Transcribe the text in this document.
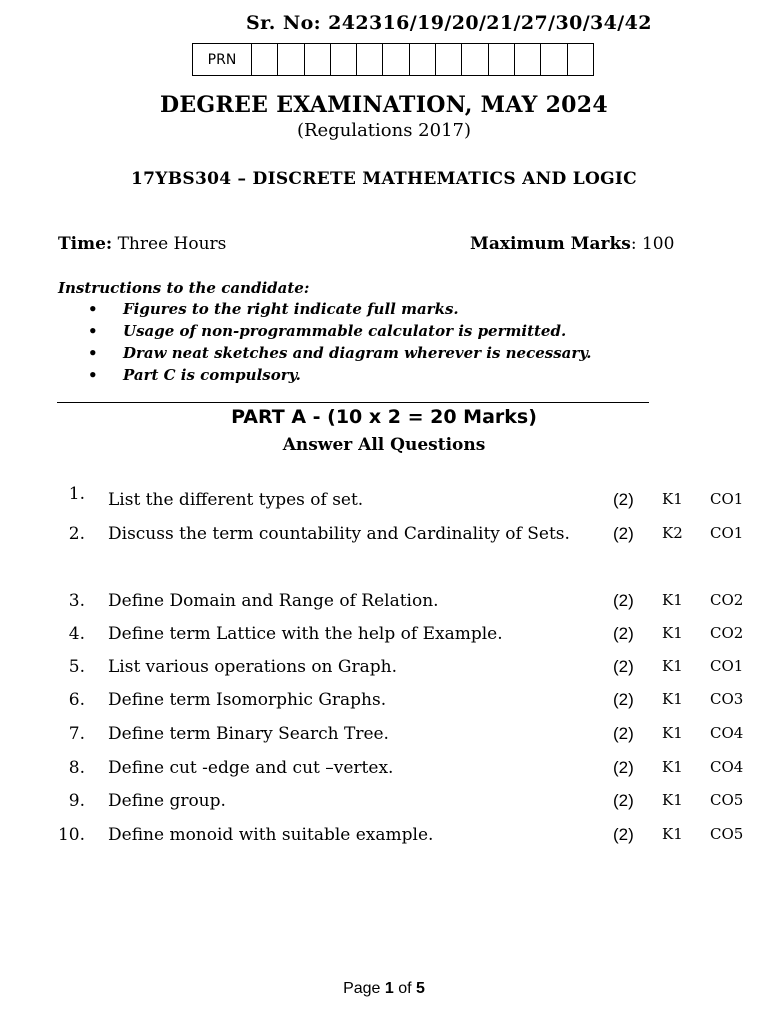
Sr. No: 242316/19/20/21/27/30/34/42
PRN
DEGREE EXAMINATION, MAY 2024
(Regulations 2017)
17YBS304 – DISCRETE MATHEMATICS AND LOGIC
Time: Three Hours	Maximum Marks: 100
Instructions to the candidate:
•	Figures to the right indicate full marks.
•	Usage of non-programmable calculator is permitted.
•	Draw neat sketches and diagram wherever is necessary.
•	Part C is compulsory.
PART A - (10 x 2 = 20 Marks)
Answer All Questions
1. List the different types of set.	(2) K1 CO1
2. Discuss the term countability and Cardinality of Sets.	(2) K2 CO1
3. Define Domain and Range of Relation.	(2) K1 CO2
4. Define term Lattice with the help of Example.	(2) K1 CO2
5. List various operations on Graph.	(2) K1 CO1
6. Define term Isomorphic Graphs.	(2) K1 CO3
7. Define term Binary Search Tree.	(2) K1 CO4
8. Define cut -edge and cut –vertex.	(2) K1 CO4
9. Define group.	(2) K1 CO5
10. Define monoid with suitable example.	(2) K1 CO5
Page 1 of 5
